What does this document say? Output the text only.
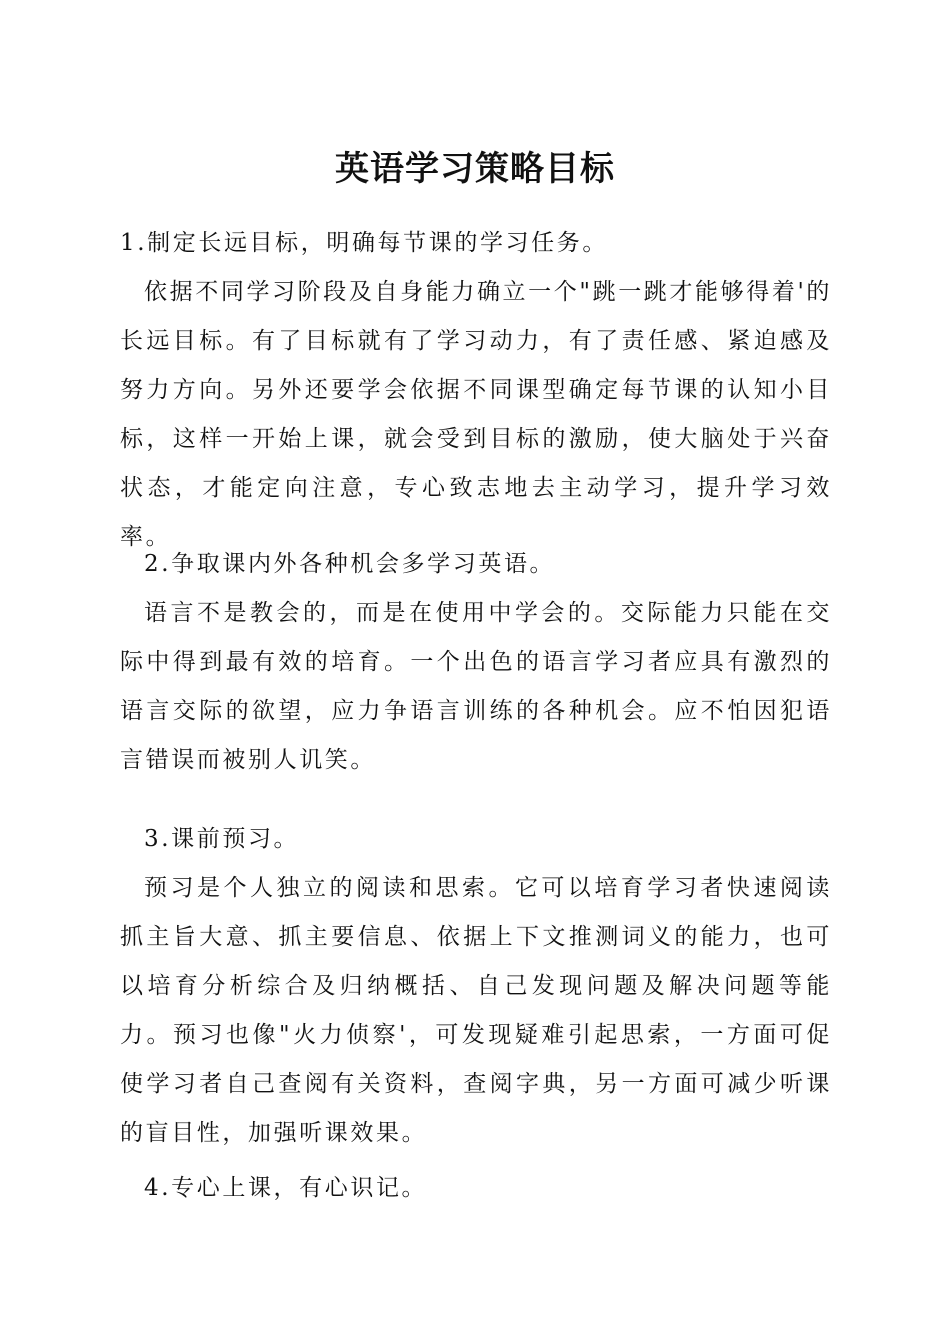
英语学习策略目标

1.制定长远目标，明确每节课的学习任务。

依据不同学习阶段及自身能力确立一个"跳一跳才能够得着'的长远目标。有了目标就有了学习动力，有了责任感、紧迫感及努力方向。另外还要学会依据不同课型确定每节课的认知小目标，这样一开始上课，就会受到目标的激励，使大脑处于兴奋状态，才能定向注意，专心致志地去主动学习，提升学习效率。

2.争取课内外各种机会多学习英语。

语言不是教会的，而是在使用中学会的。交际能力只能在交际中得到最有效的培育。一个出色的语言学习者应具有激烈的语言交际的欲望，应力争语言训练的各种机会。应不怕因犯语言错误而被别人讥笑。

3.课前预习。

预习是个人独立的阅读和思索。它可以培育学习者快速阅读抓主旨大意、抓主要信息、依据上下文推测词义的能力，也可以培育分析综合及归纳概括、自己发现问题及解决问题等能力。预习也像"火力侦察'，可发现疑难引起思索，一方面可促使学习者自己查阅有关资料，查阅字典，另一方面可减少听课的盲目性，加强听课效果。

4.专心上课，有心识记。
